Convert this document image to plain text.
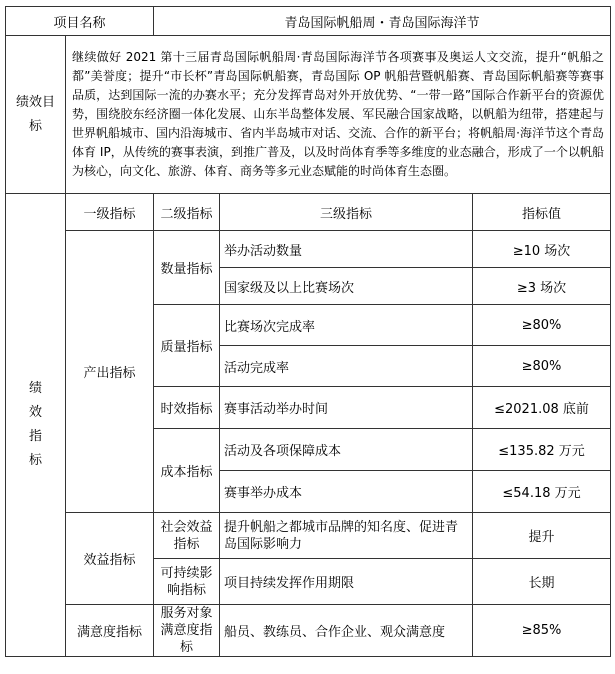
项目名称		青岛国际帆船周・青岛国际海洋节		
绩效目标	继续做好 2021 第十三届青岛国际帆船周·青岛国际海洋节各项赛事及奥运人文交流，提升“帆船之都”美誉度；提升“市长杯”青岛国际帆船赛，青岛国际 OP 帆船营暨帆船赛、青岛国际帆船赛等赛事品质，达到国际一流的办赛水平；充分发挥青岛对外开放优势、“一带一路”国际合作新平台的资源优势，围绕胶东经济圈一体化发展、山东半岛整体发展、军民融合国家战略，以帆船为纽带，搭建起与世界帆船城市、国内沿海城市、省内半岛城市对话、交流、合作的新平台；将帆船周·海洋节这个青岛体育 IP，从传统的赛事表演，到推广普及，以及时尚体育季等多维度的业态融合，形成了一个以帆船为核心，向文化、旅游、体育、商务等多元业态赋能的时尚体育生态圈。			
绩效指标	一级指标	二级指标	三级指标	指标值
	产出指标	数量指标	举办活动数量	≥10 场次
			国家级及以上比赛场次	≥3 场次
		质量指标	比赛场次完成率	≥80%
			活动完成率	≥80%
		时效指标	赛事活动举办时间	≤2021.08 底前
		成本指标	活动及各项保障成本	≤135.82 万元
			赛事举办成本	≤54.18 万元
	效益指标	社会效益指标	提升帆船之都城市品牌的知名度、促进青岛国际影响力	提升
		可持续影响指标	项目持续发挥作用期限	长期
	满意度指标	服务对象满意度指标	船员、教练员、合作企业、观众满意度	≥85%
